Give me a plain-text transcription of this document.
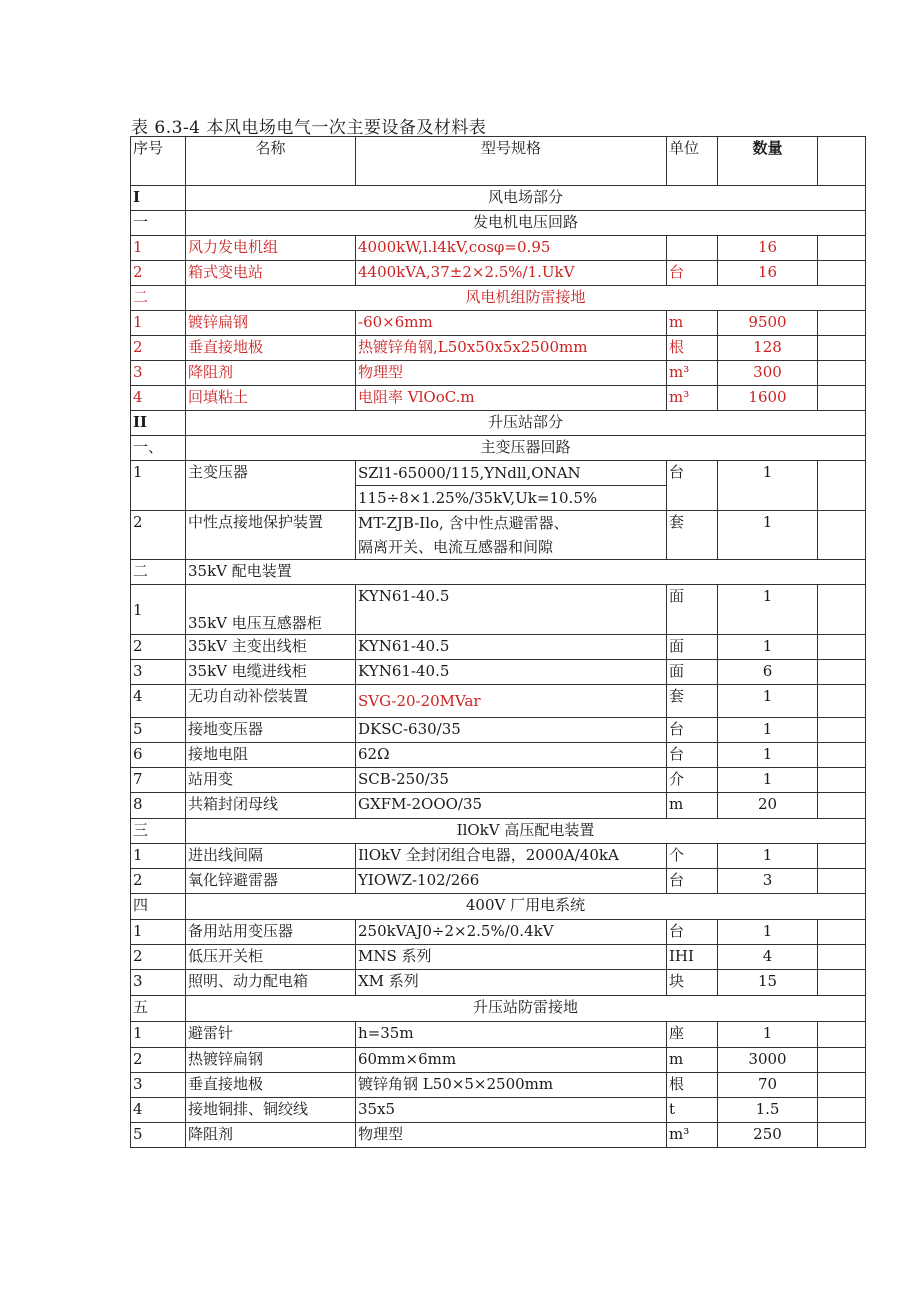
表 6.3-4 本风电场电气一次主要设备及材料表
序号	名称	型号规格	单位	数量	
I	风电场部分				
一	发电机电压回路				
1	风力发电机组	4000kW,l.l4kV,cosφ=0.95		16	
2	箱式变电站	4400kVA,37±2×2.5%/1.UkV	台	16	
二	风电机组防雷接地				
1	镀锌扁钢	-60×6mm	m	9500	
2	垂直接地极	热镀锌角钢,L50x50x5x2500mm	根	128	
3	降阻剂	物理型	m³	300	
4	回填粘土	电阻率 VlOoC.m	m³	1600	
II	升压站部分				
一、	主变压器回路				
1	主变压器	SZl1-65000/115,YNdll,ONAN
115÷8×1.25%/35kV,Uk=10.5%	台	1	
2	中性点接地保护装置	MT-ZJB-Ilo, 含中性点避雷器、
隔离开关、电流互感器和间隙	套	1	
二	35kV 配电装置				
1	35kV 电压互感器柜	KYN61-40.5	面	1	
2	35kV 主变出线柜	KYN61-40.5	面	1	
3	35kV 电缆进线柜	KYN61-40.5	面	6	
4	无功自动补偿装置	SVG-20-20MVar	套	1	
5	接地变压器	DKSC-630/35	台	1	
6	接地电阻	62Ω	台	1	
7	站用变	SCB-250/35	介	1	
8	共箱封闭母线	GXFM-2OOO/35	m	20	
三	IlOkV 高压配电装置				
1	进出线间隔	IlOkV 全封闭组合电器，2000A/40kA	个	1	
2	氧化锌避雷器	YIOWZ-102/266	台	3	
四	400V 厂用电系统				
1	备用站用变压器	250kVAJ0÷2×2.5%/0.4kV	台	1	
2	低压开关柜	MNS 系列	IHI	4	
3	照明、动力配电箱	XM 系列	块	15	
五	升压站防雷接地				
1	避雷针	h=35m	座	1	
2	热镀锌扁钢	60mm×6mm	m	3000	
3	垂直接地极	镀锌角钢 L50×5×2500mm	根	70	
4	接地铜排、铜绞线	35x5	t	1.5	
5	降阻剂	物理型	m³	250	
